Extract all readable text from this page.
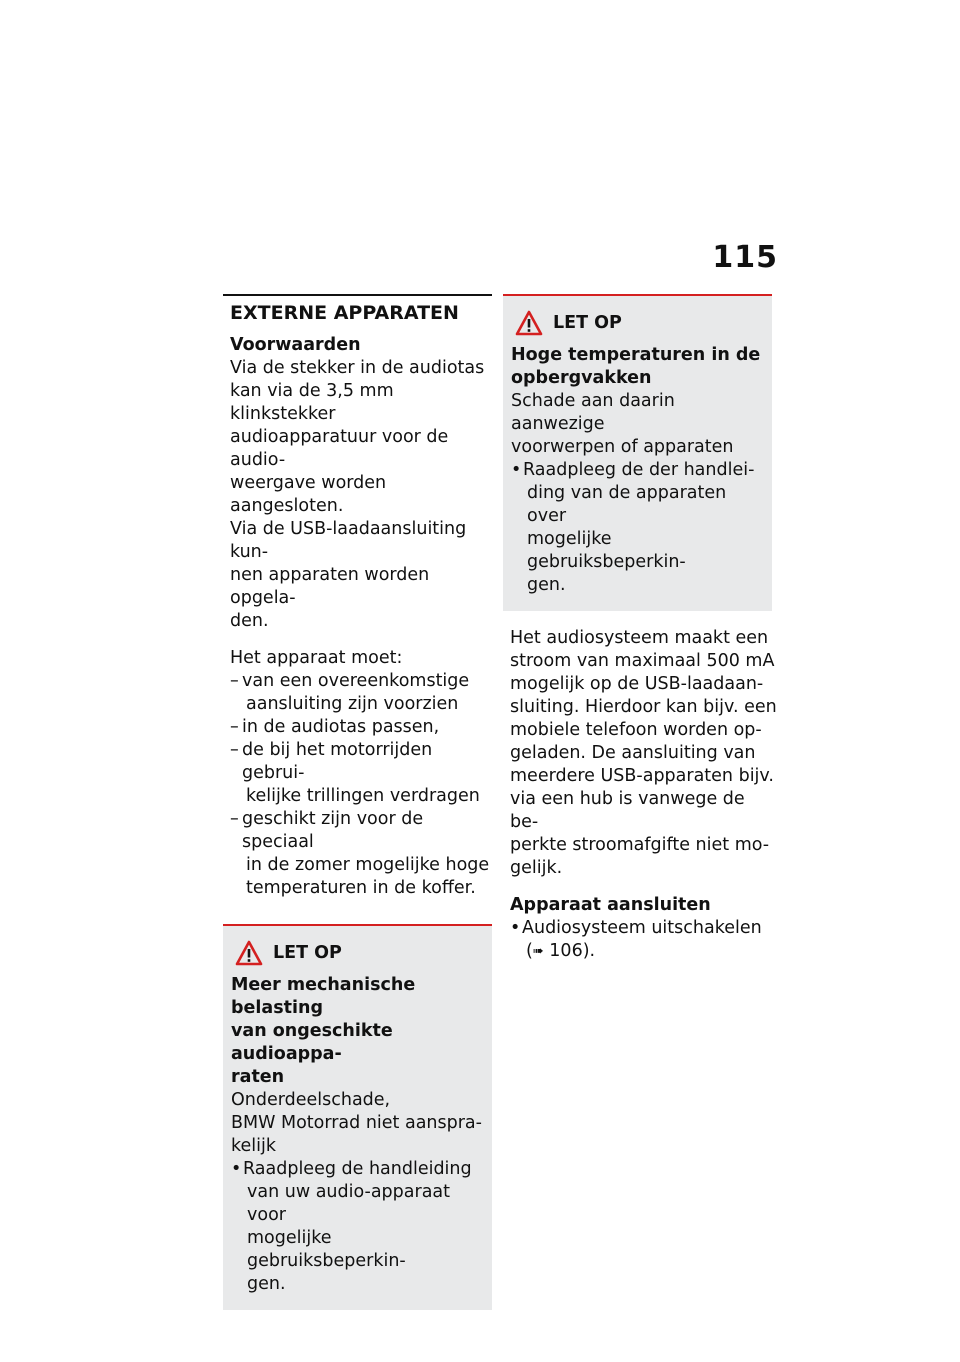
115
EXTERNE APPARATEN
Voorwaarden
Via de stekker in de audiotas
kan via de 3,5 mm klinkstekker
audioapparatuur voor de audio-
weergave worden aangesloten.
Via de USB-laadaansluiting kun-
nen apparaten worden opgela-
den.
Het apparaat moet:
– van een overeenkomstige

aansluiting zijn voorzien
– in de audiotas passen,
– de bij het motorrijden gebrui-

kelijke trillingen verdragen
– geschikt zijn voor de speciaal

in de zomer mogelijke hoge
temperaturen in de koffer.
LET OP
Meer mechanische belasting
van ongeschikte audioappa-
raten
Onderdeelschade,
BMW Motorrad niet aanspra-
kelijk
• Raadpleeg de handleiding

van uw audio-apparaat voor
mogelijke gebruiksbeperkin-
gen.
LET OP
Hoge temperaturen in de
opbergvakken
Schade aan daarin aanwezige
voorwerpen of apparaten
• Raadpleeg de der handlei-

ding van de apparaten over
mogelijke gebruiksbeperkin-
gen.
Het audiosysteem maakt een
stroom van maximaal 500 mA
mogelijk op de USB-laadaan-
sluiting. Hierdoor kan bijv. een
mobiele telefoon worden op-
geladen. De aansluiting van
meerdere USB-apparaten bijv.
via een hub is vanwege de be-
perkte stroomafgifte niet mo-
gelijk.
Apparaat aansluiten
• Audiosysteem uitschakelen

(➠ 106).
